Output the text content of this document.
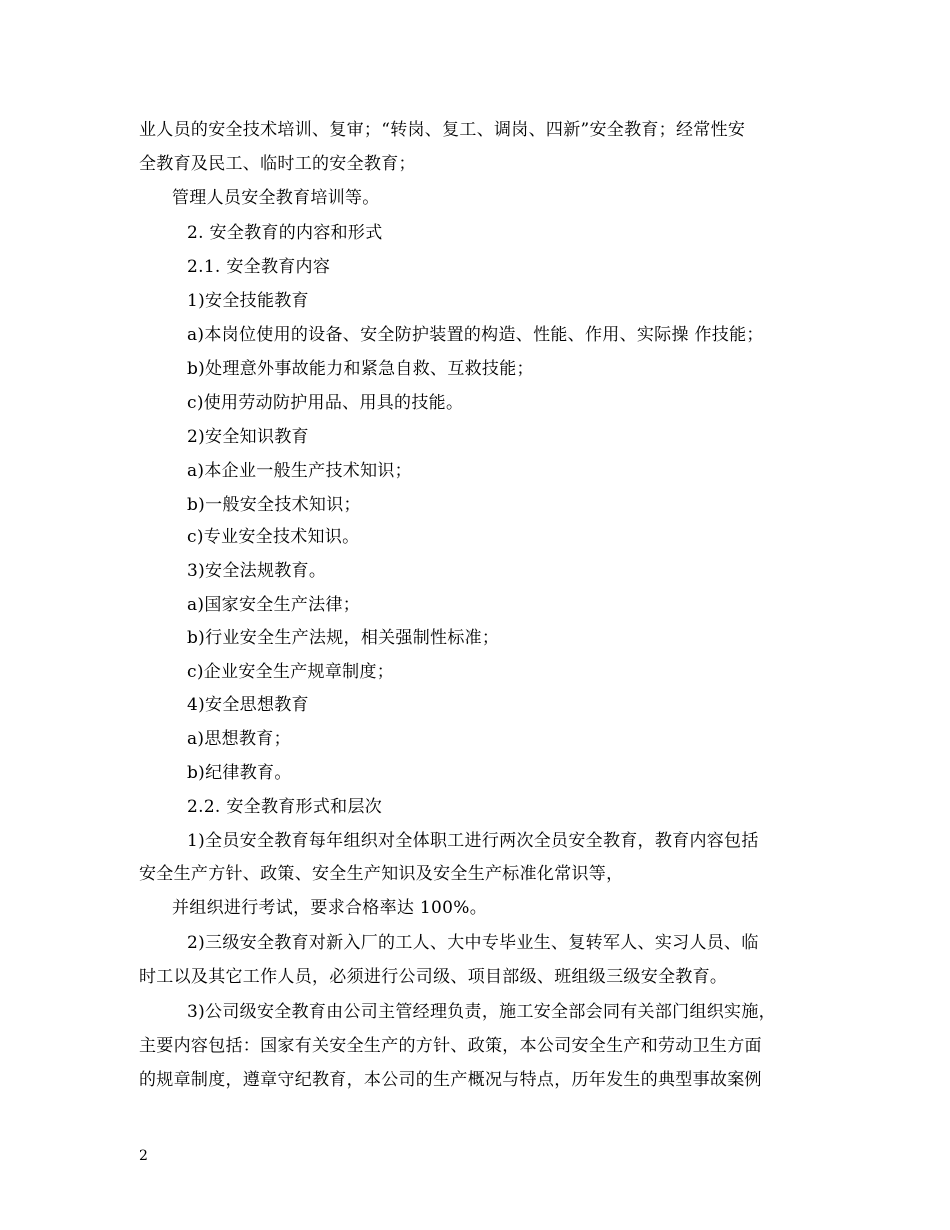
业人员的安全技术培训、复审；“转岗、复工、调岗、四新”安全教育；经常性安
全教育及民工、临时工的安全教育；
管理人员安全教育培训等。
2. 安全教育的内容和形式
2.1. 安全教育内容
1)安全技能教育
a)本岗位使用的设备、安全防护装置的构造、性能、作用、实际操 作技能；
b)处理意外事故能力和紧急自救、互救技能；
c)使用劳动防护用品、用具的技能。
2)安全知识教育
a)本企业一般生产技术知识；
b)一般安全技术知识；
c)专业安全技术知识。
3)安全法规教育。
a)国家安全生产法律；
b)行业安全生产法规，相关强制性标准；
c)企业安全生产规章制度；
4)安全思想教育
a)思想教育；
b)纪律教育。
2.2. 安全教育形式和层次
1)全员安全教育每年组织对全体职工进行两次全员安全教育，教育内容包括
安全生产方针、政策、安全生产知识及安全生产标准化常识等，
并组织进行考试，要求合格率达 100%。
2)三级安全教育对新入厂的工人、大中专毕业生、复转军人、实习人员、临
时工以及其它工作人员，必须进行公司级、项目部级、班组级三级安全教育。
3)公司级安全教育由公司主管经理负责，施工安全部会同有关部门组织实施，
主要内容包括：国家有关安全生产的方针、政策，本公司安全生产和劳动卫生方面
的规章制度，遵章守纪教育，本公司的生产概况与特点，历年发生的典型事故案例
2
